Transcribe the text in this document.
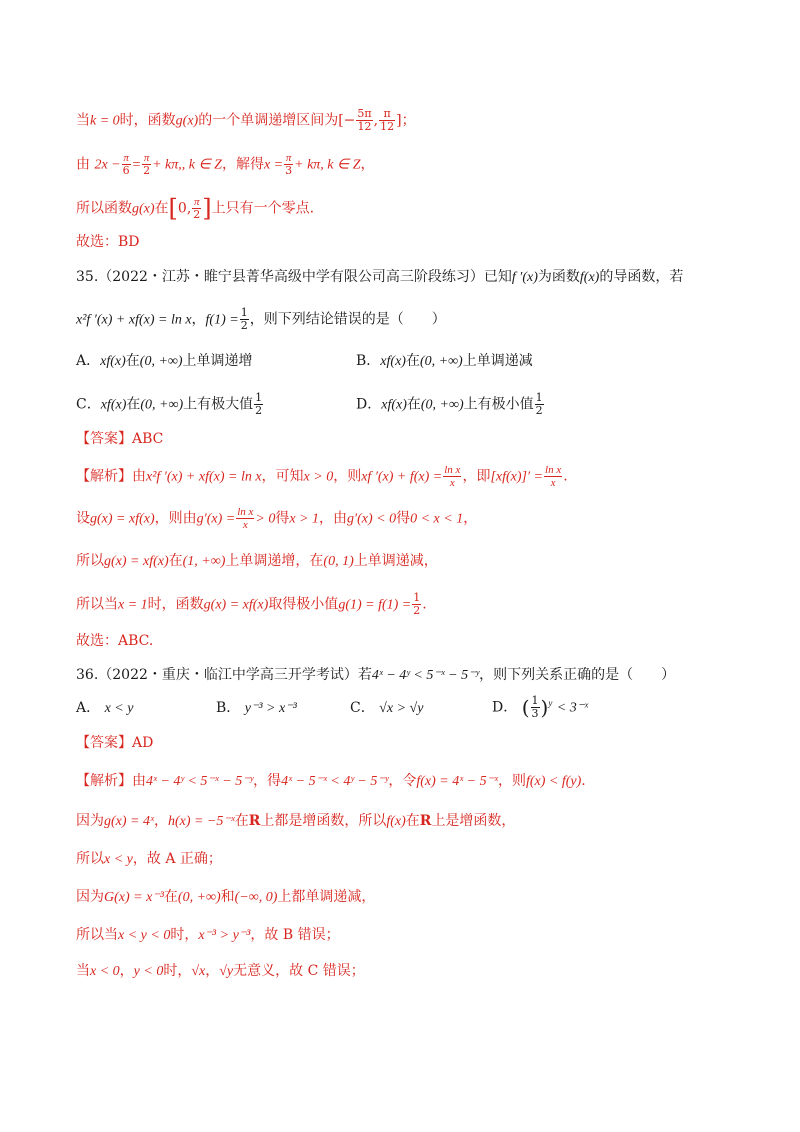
当k = 0时，函数g(x)的一个单调递增区间为[− $\frac{5\pi}{12}$ , $\frac{\pi}{12}$ ]；
由 $2x - \frac{\pi}{6} = \frac{\pi}{2} + k\pi$,, k ∈ Z，解得$x = \frac{\pi}{3} + k\pi$, k ∈ Z，
所以函数g(x)在[0, $\frac{\pi}{2}$ ]上只有一个零点.
故选：BD
35.（2022・江苏・睢宁县菁华高级中学有限公司高三阶段练习）已知f ′(x)为函数f(x)的导函数，若
x²f ′(x) + xf(x) = ln x，$f(1) = \frac{1}{2}$ ，则下列结论错误的是（　　）
A．xf(x)在(0, +∞)上单调递增	B．xf(x)在(0, +∞)上单调递减
C．xf(x)在(0, +∞)上有极大值 $\frac{1}{2}$	D．xf(x)在(0, +∞)上有极小值 $\frac{1}{2}$
【答案】ABC
【解析】由x²f ′(x) + xf(x) = ln x，可知x > 0，则xf $'(x) + f(x) = \frac{\text{ln x}}{x}$ ，即$[xf(x)]' = \frac{\text{ln x}}{x}$ .
设g(x) = xf(x)，则由$g'(x) = \frac{\text{ln x}}{x} > 0$得x > 1，由g′(x) < 0得0 < x < 1，
所以g(x) = xf(x)在(1, +∞)上单调递增，在(0, 1)上单调递减，
所以当x = 1时，函数g(x) = xf(x)取得极小值$g(1) = f(1) = \frac{1}{2}$ .
故选：ABC.
36.（2022・重庆・临江中学高三开学考试）若4ˣ − 4ʸ < 5⁻ˣ − 5⁻ʸ，则下列关系正确的是（　　）
A． x < y	B． y⁻³ > x⁻³	C． √x > √y	D． ( $\frac{1}{3} )^y$ < 3⁻ˣ
【答案】AD
【解析】由4ˣ − 4ʸ < 5⁻ˣ − 5⁻ʸ，得4ˣ − 5⁻ˣ < 4ʸ − 5⁻ʸ，令f(x) = 4ˣ − 5⁻ˣ，则f(x) < f(y).
因为g(x) = 4ˣ，h(x) = −5⁻ˣ在R上都是增函数，所以f(x)在R上是增函数，
所以x < y，故 A 正确；
因为G(x) = x⁻³在(0, +∞)和(−∞, 0)上都单调递减，
所以当x < y < 0时，x⁻³ > y⁻³，故 B 错误；
当x < 0，y < 0时，√x，√y无意义，故 C 错误；
